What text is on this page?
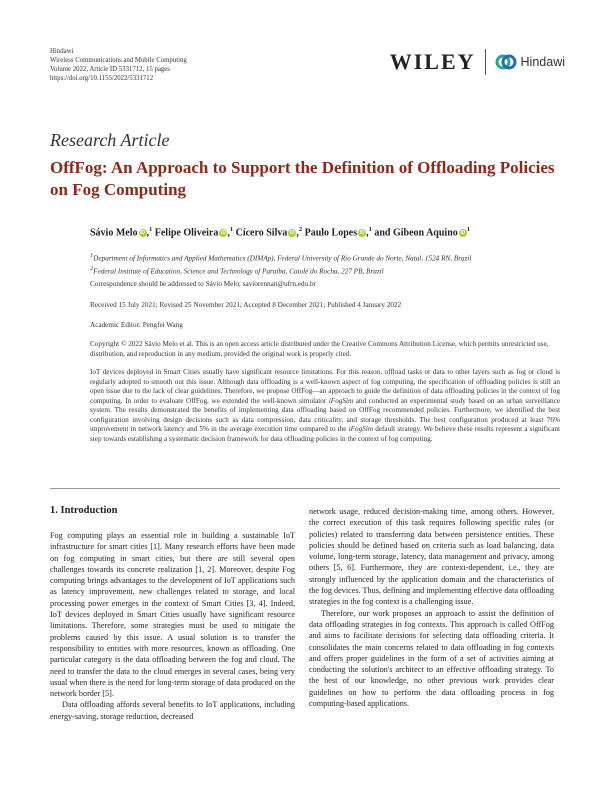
Hindawi
Wireless Communications and Mobile Computing
Volume 2022, Article ID 5331712, 15 pages
https://doi.org/10.1155/2022/5331712
WILEY	Hindawi
Research Article
OffFog: An Approach to Support the Definition of Offloading Policies on Fog Computing
Sávio Melo iD ,$^1$ Felipe Oliveira iD ,$^1$ Cícero Silva iD ,$^2$ Paulo Lopes iD ,$^1$ and Gibeon Aquino $iD^1$
$^1$Department of Informatics and Applied Mathematics (DIMAp), Federal University of Rio Grande do Norte, Natal, 1524 RN, Brazil
$^2$Federal Institute of Education, Science and Technology of Paraíba, Catolé do Rocha, 227 PB, Brazil
Correspondence should be addressed to Sávio Melo; saviorennan@ufrn.edu.br
Received 15 July 2021; Revised 25 November 2021; Accepted 8 December 2021; Published 4 January 2022
Academic Editor: Pengfei Wang
Copyright © 2022 Sávio Melo et al. This is an open access article distributed under the Creative Commons Attribution License, which permits unrestricted use, distribution, and reproduction in any medium, provided the original work is properly cited.
IoT devices deployed in Smart Cities usually have significant resource limitations. For this reason, offload tasks or data to other layers such as fog or cloud is regularly adopted to smooth out this issue. Although data offloading is a well-known aspect of fog computing, the specification of offloading policies is still an open issue due to the lack of clear guidelines. Therefore, we propose OffFog—an approach to guide the definition of data offloading policies in the context of fog computing. In order to evaluate OffFog, we extended the well-known simulator iFogSim and conducted an experimental study based on an urban surveillance system. The results demonstrated the benefits of implementing data offloading based on OffFog recommended policies. Furthermore, we identified the best configuration involving design decisions such as data compression, data criticality, and storage thresholds. The best configuration produced at least 76% improvement in network latency and 5% in the average execution time compared to the iFogSim default strategy. We believe these results represent a significant step towards establishing a systematic decision framework for data offloading policies in the context of fog computing.
1. Introduction

Fog computing plays an essential role in building a sustainable IoT infrastructure for smart cities [1]. Many research efforts have been made on fog computing in smart cities, but there are still several open challenges towards its concrete realization [1, 2]. Moreover, despite Fog computing brings advantages to the development of IoT applications such as latency improvement, new challenges related to storage, and local processing power emerges in the context of Smart Cities [3, 4]. Indeed, IoT devices deployed in Smart Cities usually have significant resource limitations. Therefore, some strategies must be used to mitigate the problems caused by this issue. A usual solution is to transfer the responsibility to entities with more resources, known as offloading. One particular category is the data offloading between the fog and cloud. The need to transfer the data to the cloud emerges in several cases, being very usual when there is the need for long-term storage of data produced on the network border [5].

Data offloading affords several benefits to IoT applications, including energy-saving, storage reduction, decreased

network usage, reduced decision-making time, among others. However, the correct execution of this task requires following specific rules (or policies) related to transferring data between persistence entities. These policies should be defined based on criteria such as load balancing, data volume, long-term storage, latency, data management and privacy, among others [5, 6]. Furthermore, they are context-dependent, i.e., they are strongly influenced by the application domain and the characteristics of the fog devices. Thus, defining and implementing effective data offloading strategies in the fog context is a challenging issue.

Therefore, our work proposes an approach to assist the definition of data offloading strategies in fog contexts. This approach is called OffFog and aims to facilitate decisions for selecting data offloading criteria. It consolidates the main concerns related to data offloading in fog contexts and offers proper guidelines in the form of a set of activities aiming at conducting the solution's architect to an effective offloading strategy. To the best of our knowledge, no other previous work provides clear guidelines on how to perform the data offloading process in fog computing-based applications.
